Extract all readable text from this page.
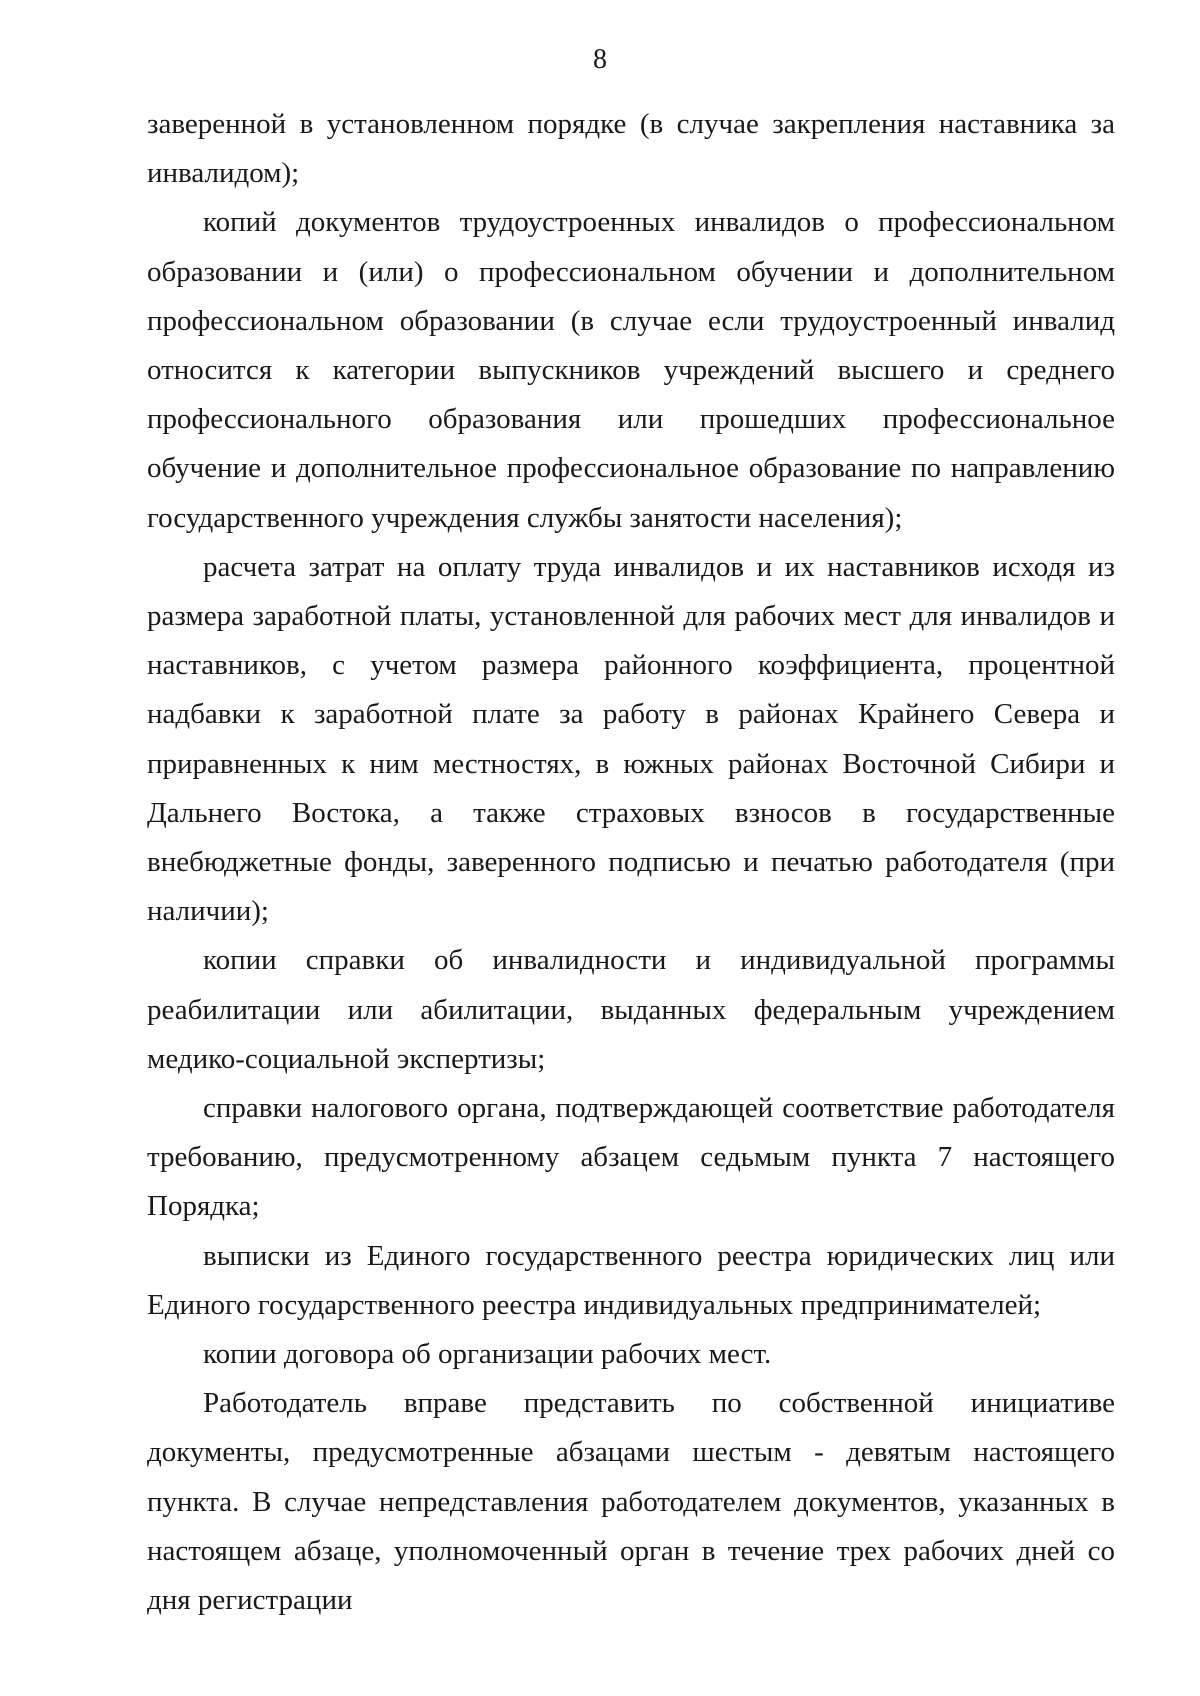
8

заверенной в установленном порядке (в случае закрепления наставника за инвалидом);

копий документов трудоустроенных инвалидов о профессиональном образовании и (или) о профессиональном обучении и дополнительном профессиональном образовании (в случае если трудоустроенный инвалид относится к категории выпускников учреждений высшего и среднего профессионального образования или прошедших профессиональное обучение и дополнительное профессиональное образование по направлению государственного учреждения службы занятости населения);

расчета затрат на оплату труда инвалидов и их наставников исходя из размера заработной платы, установленной для рабочих мест для инвалидов и наставников, с учетом размера районного коэффициента, процентной надбавки к заработной плате за работу в районах Крайнего Севера и приравненных к ним местностях, в южных районах Восточной Сибири и Дальнего Востока, а также страховых взносов в государственные внебюджетные фонды, заверенного подписью и печатью работодателя (при наличии);

копии справки об инвалидности и индивидуальной программы реабилитации или абилитации, выданных федеральным учреждением медико-социальной экспертизы;

справки налогового органа, подтверждающей соответствие работодателя требованию, предусмотренному абзацем седьмым пункта 7 настоящего Порядка;

выписки из Единого государственного реестра юридических лиц или Единого государственного реестра индивидуальных предпринимателей;

копии договора об организации рабочих мест.

Работодатель вправе представить по собственной инициативе документы, предусмотренные абзацами шестым - девятым настоящего пункта. В случае непредставления работодателем документов, указанных в настоящем абзаце, уполномоченный орган в течение трех рабочих дней со дня регистрации
